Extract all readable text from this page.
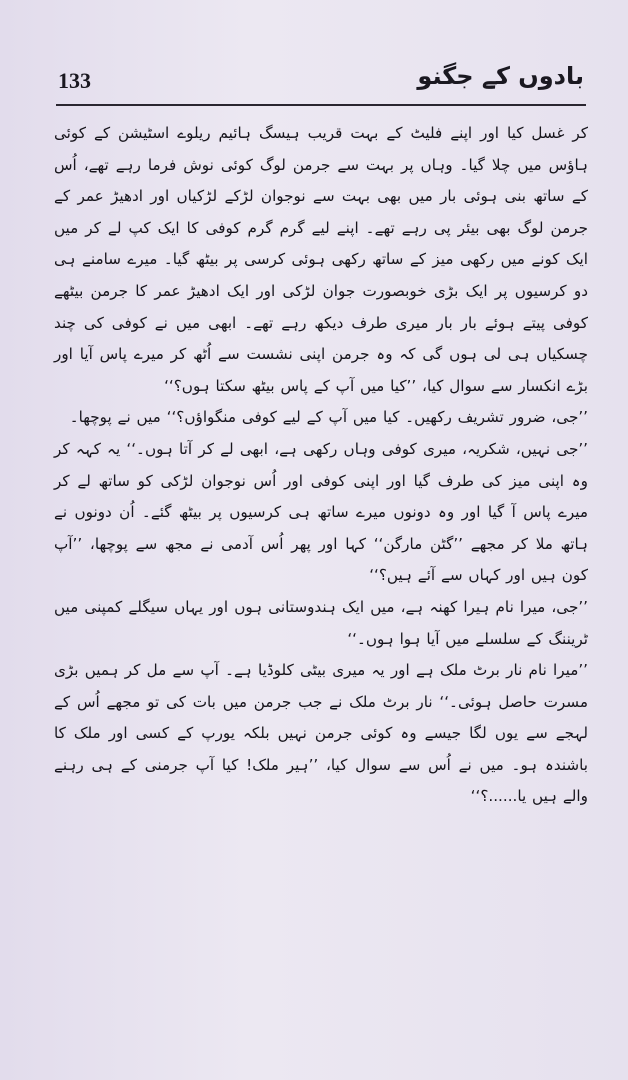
133	بادوں کے جگنو

کر غسل کیا اور اپنے فلیٹ کے بہت قریب ہیسگ ہائیم ریلوے اسٹیشن کے کوئی ہاؤس میں چلا گیا۔ وہاں پر بہت سے جرمن لوگ کوئی نوش فرما رہے تھے، اُس کے ساتھ بنی ہوئی بار میں بھی بہت سے نوجوان لڑکے لڑکیاں اور ادھیڑ عمر کے جرمن لوگ بھی بیئر پی رہے تھے۔ اپنے لیے گرم گرم کوفی کا ایک کپ لے کر میں ایک کونے میں رکھی میز کے ساتھ رکھی ہوئی کرسی پر بیٹھ گیا۔ میرے سامنے ہی دو کرسیوں پر ایک بڑی خوبصورت جوان لڑکی اور ایک ادھیڑ عمر کا جرمن بیٹھے کوفی پیتے ہوئے بار بار میری طرف دیکھ رہے تھے۔ ابھی میں نے کوفی کی چند چسکیاں ہی لی ہوں گی کہ وہ جرمن اپنی نشست سے اُٹھ کر میرے پاس آیا اور بڑے انکسار سے سوال کیا، ’’کیا میں آپ کے پاس بیٹھ سکتا ہوں؟‘‘

’’جی، ضرور تشریف رکھیں۔ کیا میں آپ کے لیے کوفی منگواؤں؟‘‘ میں نے پوچھا۔

’’جی نہیں، شکریہ، میری کوفی وہاں رکھی ہے، ابھی لے کر آتا ہوں۔‘‘ یہ کہہ کر وہ اپنی میز کی طرف گیا اور اپنی کوفی اور اُس نوجوان لڑکی کو ساتھ لے کر میرے پاس آ گیا اور وہ دونوں میرے ساتھ ہی کرسیوں پر بیٹھ گئے۔ اُن دونوں نے ہاتھ ملا کر مجھے ’’گٹن مارگن‘‘ کہا اور پھر اُس آدمی نے مجھ سے پوچھا، ’’آپ کون ہیں اور کہاں سے آئے ہیں؟‘‘

’’جی، میرا نام ہیرا کھنہ ہے، میں ایک ہندوستانی ہوں اور یہاں سیگلے کمپنی میں ٹریننگ کے سلسلے میں آیا ہوا ہوں۔‘‘

’’میرا نام نار برٹ ملک ہے اور یہ میری بیٹی کلوڈیا ہے۔ آپ سے مل کر ہمیں بڑی مسرت حاصل ہوئی۔‘‘ نار برٹ ملک نے جب جرمن میں بات کی تو مجھے اُس کے لہجے سے یوں لگا جیسے وہ کوئی جرمن نہیں بلکہ یورپ کے کسی اور ملک کا باشندہ ہو۔ میں نے اُس سے سوال کیا، ’’ہیر ملک! کیا آپ جرمنی کے ہی رہنے والے ہیں یا......؟‘‘
